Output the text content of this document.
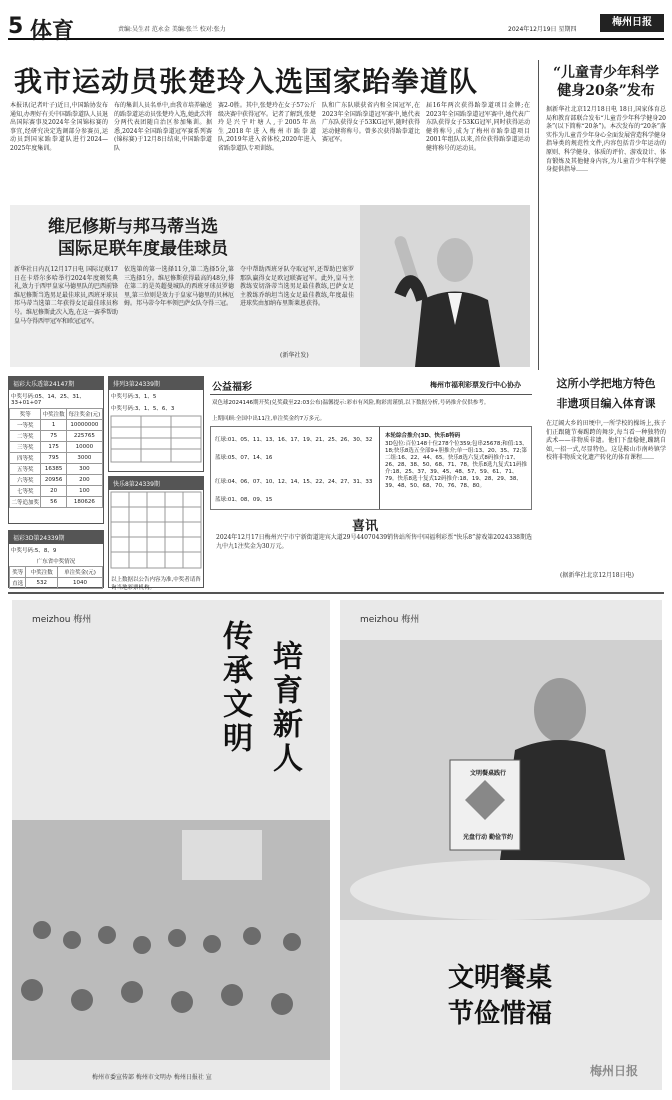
5 体育	责编:吴生君 范永金 美编:张兰 校对:张力	2024年12月19日 星期四
梅州日报
我市运动员张楚玲入选国家跆拳道队
本报讯(记者叶子)近日,中国跆协发布通知,办理好有关中国跆拳道队人员退出国际赛事及2024年全国锦标赛的事宜,经研究决定选调部分参赛员,运动员到国家跆拳道队进行2024—2025年度集训。
布的集训人员名单中,由我市培养输送的跆拳道运动员张楚玲入选,她此次将分两代表团随自治区参加集训。据悉,2024年全国跆拳道冠军赛系列赛(锦标赛)于12月8日结束,中国跆拳道队
赛2-0胜。其中,张楚玲在女子57公斤级决赛中获得冠军。记者了解到,张楚玲是兴宁叶塘人,于2005年出生,2018年进入梅州市跆拳道队,2019年进入省体校,2020年进入省跆拳道队专项训练。
队和广东队联获省内和全国冠军,在2023年全国跆拳道冠军赛中,她代表广东队获得女子53KG冠军,随时获得运动健将称号。曾多次获得跆拳道比赛冠军。
届16年两次获得跆拳道项目金牌;在2023年全国跆拳道冠军赛中,她代表广东队获得女子53KG冠军,同时获得运动健将称号,成为了梅州市跆拳道项目2001年组队以来,首位获得跆拳道运动健将称号的运动员。
“儿童青少年科学健身20条”发布
据新华社北京12月18日电 18日,国家体育总局和教育部联合发布“儿童青少年科学健身20条”(以下简称“20条”)。本次发布的“20条”落实作为儿童青少年身心全面发展营造科学健身指导类的规范性文件,内容包括青少年运动的原则、科学健身、体质的评价、游戏设计、体育锻炼及其他健身内容,为儿童青少年科学健身提供指导……
维尼修斯与邦马蒂当选
国际足联年度最佳球员
新华社日内瓦12月17日电 国际足联17日在卡塔尔多哈举行2024年度颁奖典礼,效力于西甲皇家马德里队的巴西前锋维尼修斯当选男足最佳球员,西班牙球员邦马蒂当选第二年获得女足最佳球员称号。维尼修斯此次入选,在这一赛季帮助皇马夺得西甲冠军和欧冠冠军。
依选第的第一选择11分,第二选择5分,第三选择1分。维尼修斯获得最高的48分,排在第二的是英超曼城队的西班牙球员罗德里,第三位则是效力于皇家马德里的贝林厄姆。邦马蒂今年率领巴萨女队夺得三冠。
夺中帮助西班牙队夺取冠军,还帮助巴塞罗那队赢得女足欧冠联赛冠军。此外,皇马主教练安切洛蒂当选男足最佳教练,巴萨女足主教练乔纳坦当选女足最佳教练,年度最佳进球奖由加纳布里斯莱恩获得。
(新华社发)
福彩大乐透第24147期
中奖号码:05、14、25、31、33+01+07
奖等	中奖注数	每注奖金(元)
一等奖	1	10000000
二等奖	75	225765
三等奖	175	10000
四等奖	795	3000
五等奖	16385	300
六等奖	20956	200
七等奖	20	100
二等追加奖	56	180626
排列3第24339期
中奖号码:3、1、5
中奖号码:3、1、5、6、3
福彩3D第24339期
中奖号码:5、8、9
广东省中奖情况
奖等	中奖注数	单注奖金(元)
直选	532	1040
快乐8第24339期
以上数据以公告内容为准,中奖者请咨询当地彩票机构。
公益福彩	梅州市福利彩票发行中心协办
双色球2024146期开奖(兑奖截至22:03公布)温馨提示:彩市有风险,购彩需谨慎,以下数据分析,号码推介仅供参考。
上期回顾:全国中出11注,单注奖金约7万多元。
红球:01、05、11、13、16、17、19、21、25、26、30、32
蓝球:05、07、14、16
红球:04、06、07、10、12、14、15、22、24、27、31、33
蓝球:01、08、09、15
本轮综合推介(3D、快乐8特码
3D包位:百位148十位278个位359;包串25678;和值:13、18;快乐8选五全部9+胆推介;单一组:13、20、35、72;第二组:16、22、44、65。快乐8选六复式8码推介:17、26、28、38、50、68、71、78。快乐8选九复式11码推介:18、25、37、39、45、48、57、59、61、71、79。快乐8选十复式12码推介:18、19、28、29、38、39、48、50、68、70、76、78、80。
喜讯
2024年12月17日梅州兴宁市宁新街道迎宾大道29号4407043​9销售站所售中国福利彩票“快乐8”游戏第2024338期选九中九1注奖金为30万元。
这所小学把地方特色
非遗项目编入体育课
在辽阔大乡的田埂中,一所学校的操场上,孩子们正跟随节奏踢跨的舞步,每当看一种独特的武术——非物质非遗。他们下盘稳健,蹦跳自如,一招一式,尽显特色。这是鞍山市南岭镇学校将非物质文化遗产转化的体育课程……
(据新华社北京12月18日电)
meizhou 梅州	传承文明 培育新人
梅州市委宣传部 梅州市文明办 梅州日报社 宣
meizhou 梅州
文明餐桌践行
光盘行动 勤俭节约
文明餐桌
节俭惜福
梅州日报
